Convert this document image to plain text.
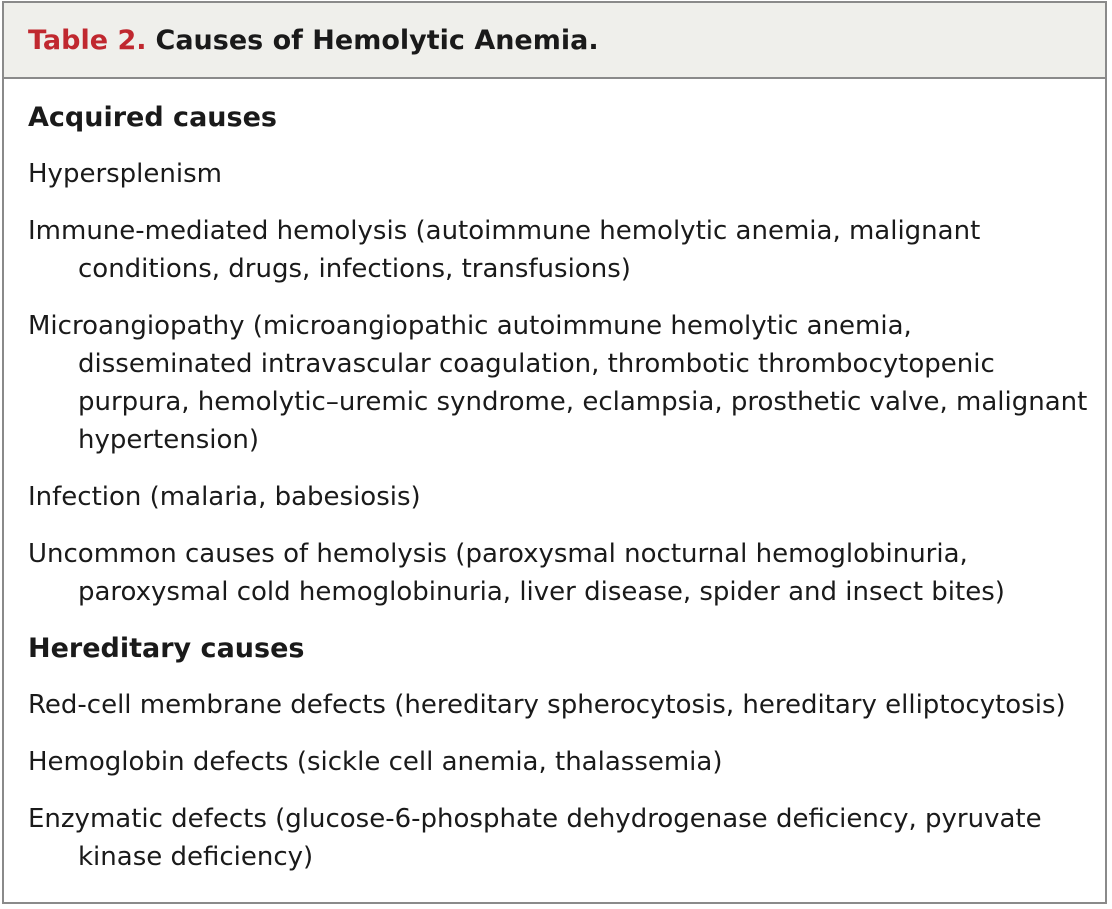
Table 2. Causes of Hemolytic Anemia.
Acquired causes
Hypersplenism
Immune-mediated hemolysis (autoimmune hemolytic anemia, malignant conditions, drugs, infections, transfusions)
Microangiopathy (microangiopathic autoimmune hemolytic anemia, disseminated intravascular coagulation, thrombotic thrombocytopenic purpura, hemolytic–uremic syndrome, eclampsia, prosthetic valve, malignant hypertension)
Infection (malaria, babesiosis)
Uncommon causes of hemolysis (paroxysmal nocturnal hemoglobinuria, paroxysmal cold hemoglobinuria, liver disease, spider and insect bites)
Hereditary causes
Red-cell membrane defects (hereditary spherocytosis, hereditary elliptocytosis)
Hemoglobin defects (sickle cell anemia, thalassemia)
Enzymatic defects (glucose-6-phosphate dehydrogenase deficiency, pyruvate kinase deficiency)
